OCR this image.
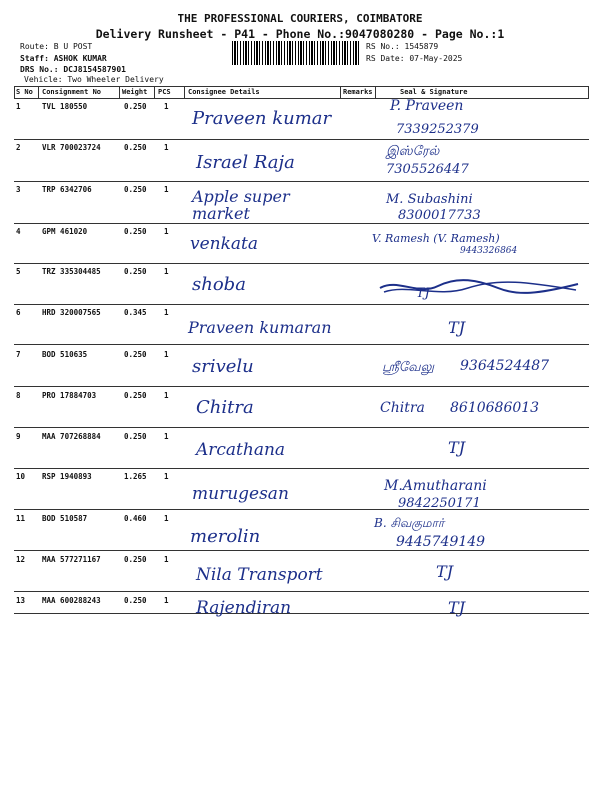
THE PROFESSIONAL COURIERS, COIMBATORE
Delivery Runsheet - P41 - Phone No.:9047080280 - Page No.:1
Route: B U POST
Staff: ASHOK KUMAR
DRS No.: DCJ8154587901
Vehicle: Two Wheeler Delivery
RS No.: 1545879
RS Date: 07-May-2025
S No Consignment No	Weight PCS Consignee Details	Remarks	Seal & Signature
1	TVL 180550	0.250 1
Praveen kumar
P. Praveen
7339252379
2	VLR 700023724	0.250 1
Israel Raja
இஸ்ரேல்
7305526447
3	TRP 6342706	0.250 1 Apple super market
M. Subashini
8300017733
4	GPM 461020	0.250 1
venkata	V. Ramesh (V. Ramesh)
9443326864
5	TRZ 335304485	0.250 1
shoba	TJ
6	HRD 320007565	0.345 1
Praveen kumaran	TJ
7	BOD 510635	0.250 1
srivelu	ஸ்ரீவேலு 9364524487
8	PRO 17884703	0.250 1
Chitra	Chitra 8610686013
9	MAA 707268884	0.250 1
Arcathana	TJ
10 RSP 1940893	1.265 1
murugesan	M.Amutharani
9842250171
11 BOD 510587	0.460 1
merolin
B. சிவகுமார்
9445749149
12 MAA 577271167	0.250 1
Nila Transport	TJ
13 MAA 600288243	0.250 1 Rajendiran	TJ
